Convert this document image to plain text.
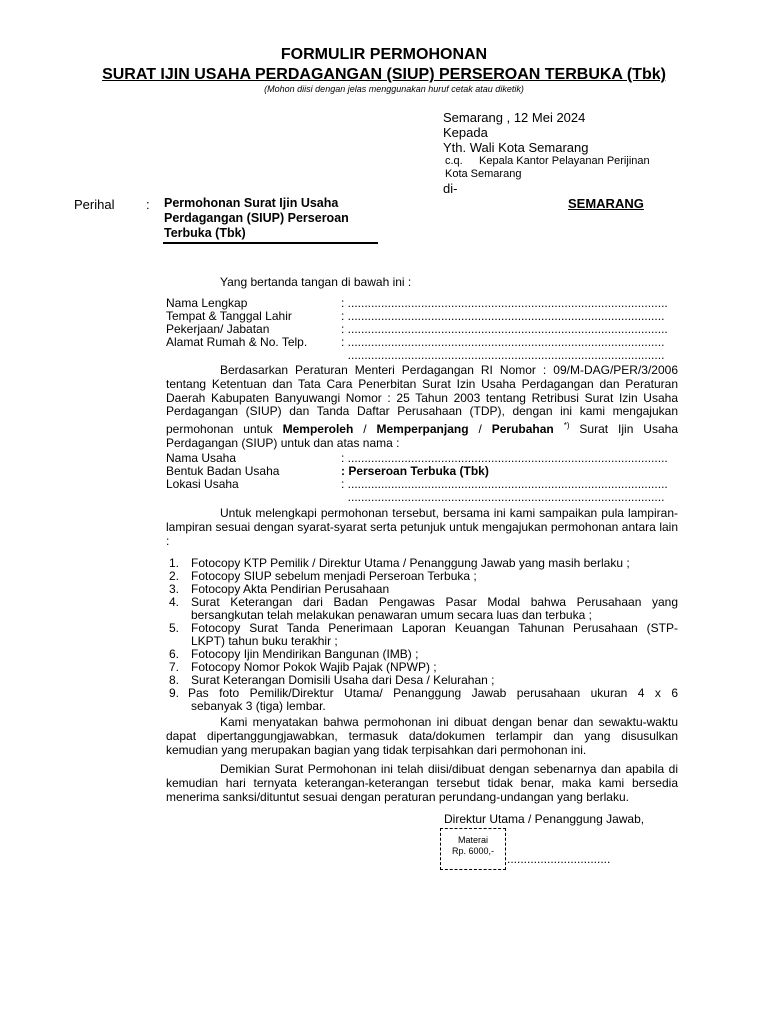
FORMULIR PERMOHONAN
SURAT IJIN USAHA PERDAGANGAN (SIUP) PERSEROAN TERBUKA (Tbk)
(Mohon diisi dengan jelas menggunakan huruf cetak atau diketik)
Semarang , 12 Mei 2024
Kepada
Yth. Wali Kota Semarang
c.q. Kepala Kantor Pelayanan Perijinan
Kota Semarang
di-
SEMARANG
Perihal : Permohonan Surat Ijin Usaha
Perdagangan (SIUP) Perseroan
Terbuka (Tbk)
Yang bertanda tangan di bawah ini :
Nama Lengkap	: ................................................................................................
Tempat & Tanggal Lahir	: ...............................................................................................
Pekerjaan/ Jabatan	: ................................................................................................
Alamat Rumah & No. Telp.	: ...............................................................................................
...............................................................................................
Berdasarkan Peraturan Menteri Perdagangan RI Nomor : 09/M-DAG/PER/3/2006 tentang Ketentuan dan Tata Cara Penerbitan Surat Izin Usaha Perdagangan dan Peraturan Daerah Kabupaten Banyuwangi Nomor : 25 Tahun 2003 tentang Retribusi Surat Izin Usaha Perdagangan (SIUP) dan Tanda Daftar Perusahaan (TDP), dengan ini kami mengajukan permohonan untuk Memperoleh / Memperpanjang / Perubahan *) Surat Ijin Usaha Perdagangan (SIUP) untuk dan atas nama :
Nama Usaha	: ................................................................................................
Bentuk Badan Usaha	: Perseroan Terbuka (Tbk)
Lokasi Usaha	: ................................................................................................
...............................................................................................
Untuk melengkapi permohonan tersebut, bersama ini kami sampaikan pula lampiran-lampiran sesuai dengan syarat-syarat serta petunjuk untuk mengajukan permohonan antara lain :
1. Fotocopy KTP Pemilik / Direktur Utama / Penanggung Jawab yang masih berlaku ;
2. Fotocopy SIUP sebelum menjadi Perseroan Terbuka ;
3. Fotocopy Akta Pendirian Perusahaan
4. Surat Keterangan dari Badan Pengawas Pasar Modal bahwa Perusahaan yang
bersangkutan telah melakukan penawaran umum secara luas dan terbuka ;
5. Fotocopy Surat Tanda Penerimaan Laporan Keuangan Tahunan Perusahaan (STP-
LKPT) tahun buku terakhir ;
6. Fotocopy Ijin Mendirikan Bangunan (IMB) ;
7. Fotocopy Nomor Pokok Wajib Pajak (NPWP) ;
8. Surat Keterangan Domisili Usaha dari Desa / Kelurahan ;
9. Pas foto Pemilik/Direktur Utama/ Penanggung Jawab perusahaan ukuran 4 x 6
sebanyak 3 (tiga) lembar.
Kami menyatakan bahwa permohonan ini dibuat dengan benar dan sewaktu-waktu dapat dipertanggungjawabkan, termasuk data/dokumen terlampir dan yang disusulkan kemudian yang merupakan bagian yang tidak terpisahkan dari permohonan ini.
Demikian Surat Permohonan ini telah diisi/dibuat dengan sebenarnya dan apabila di kemudian hari ternyata keterangan-keterangan tersebut tidak benar, maka kami bersedia menerima sanksi/dituntut sesuai dengan peraturan perundang-undangan yang berlaku.
Direktur Utama / Penanggung Jawab,
Materai
Rp. 6000,-
...............................
